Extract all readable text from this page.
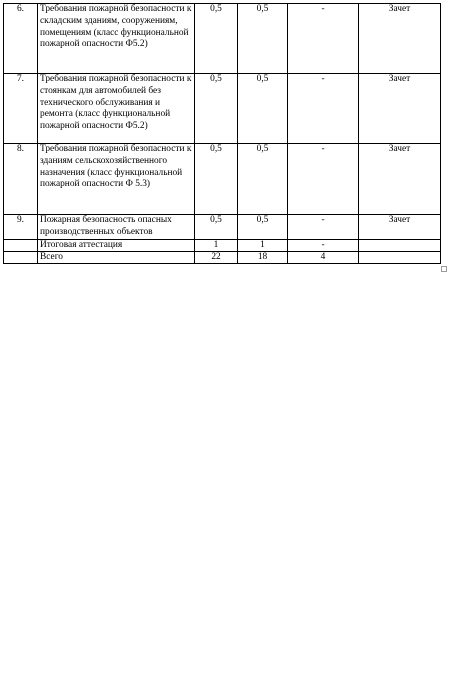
6.	Требования пожарной безопасности к складским зданиям, сооружениям, помещениям (класс функциональной пожарной опасности Ф5.2)	0,5	0,5	-	Зачет
7.	Требования пожарной безопасности к стоянкам для автомобилей без технического обслуживания и ремонта (класс функциональной пожарной опасности Ф5.2)	0,5	0,5	-	Зачет
8.	Требования пожарной безопасности к зданиям сельскохозяйственного назначения (класс функциональной пожарной опасности Ф 5.3)	0,5	0,5	-	Зачет
9.	Пожарная безопасность опасных производственных объектов	0,5	0,5	-	Зачет
	Итоговая аттестация	1	1	-	
	Всего	22	18	4	
